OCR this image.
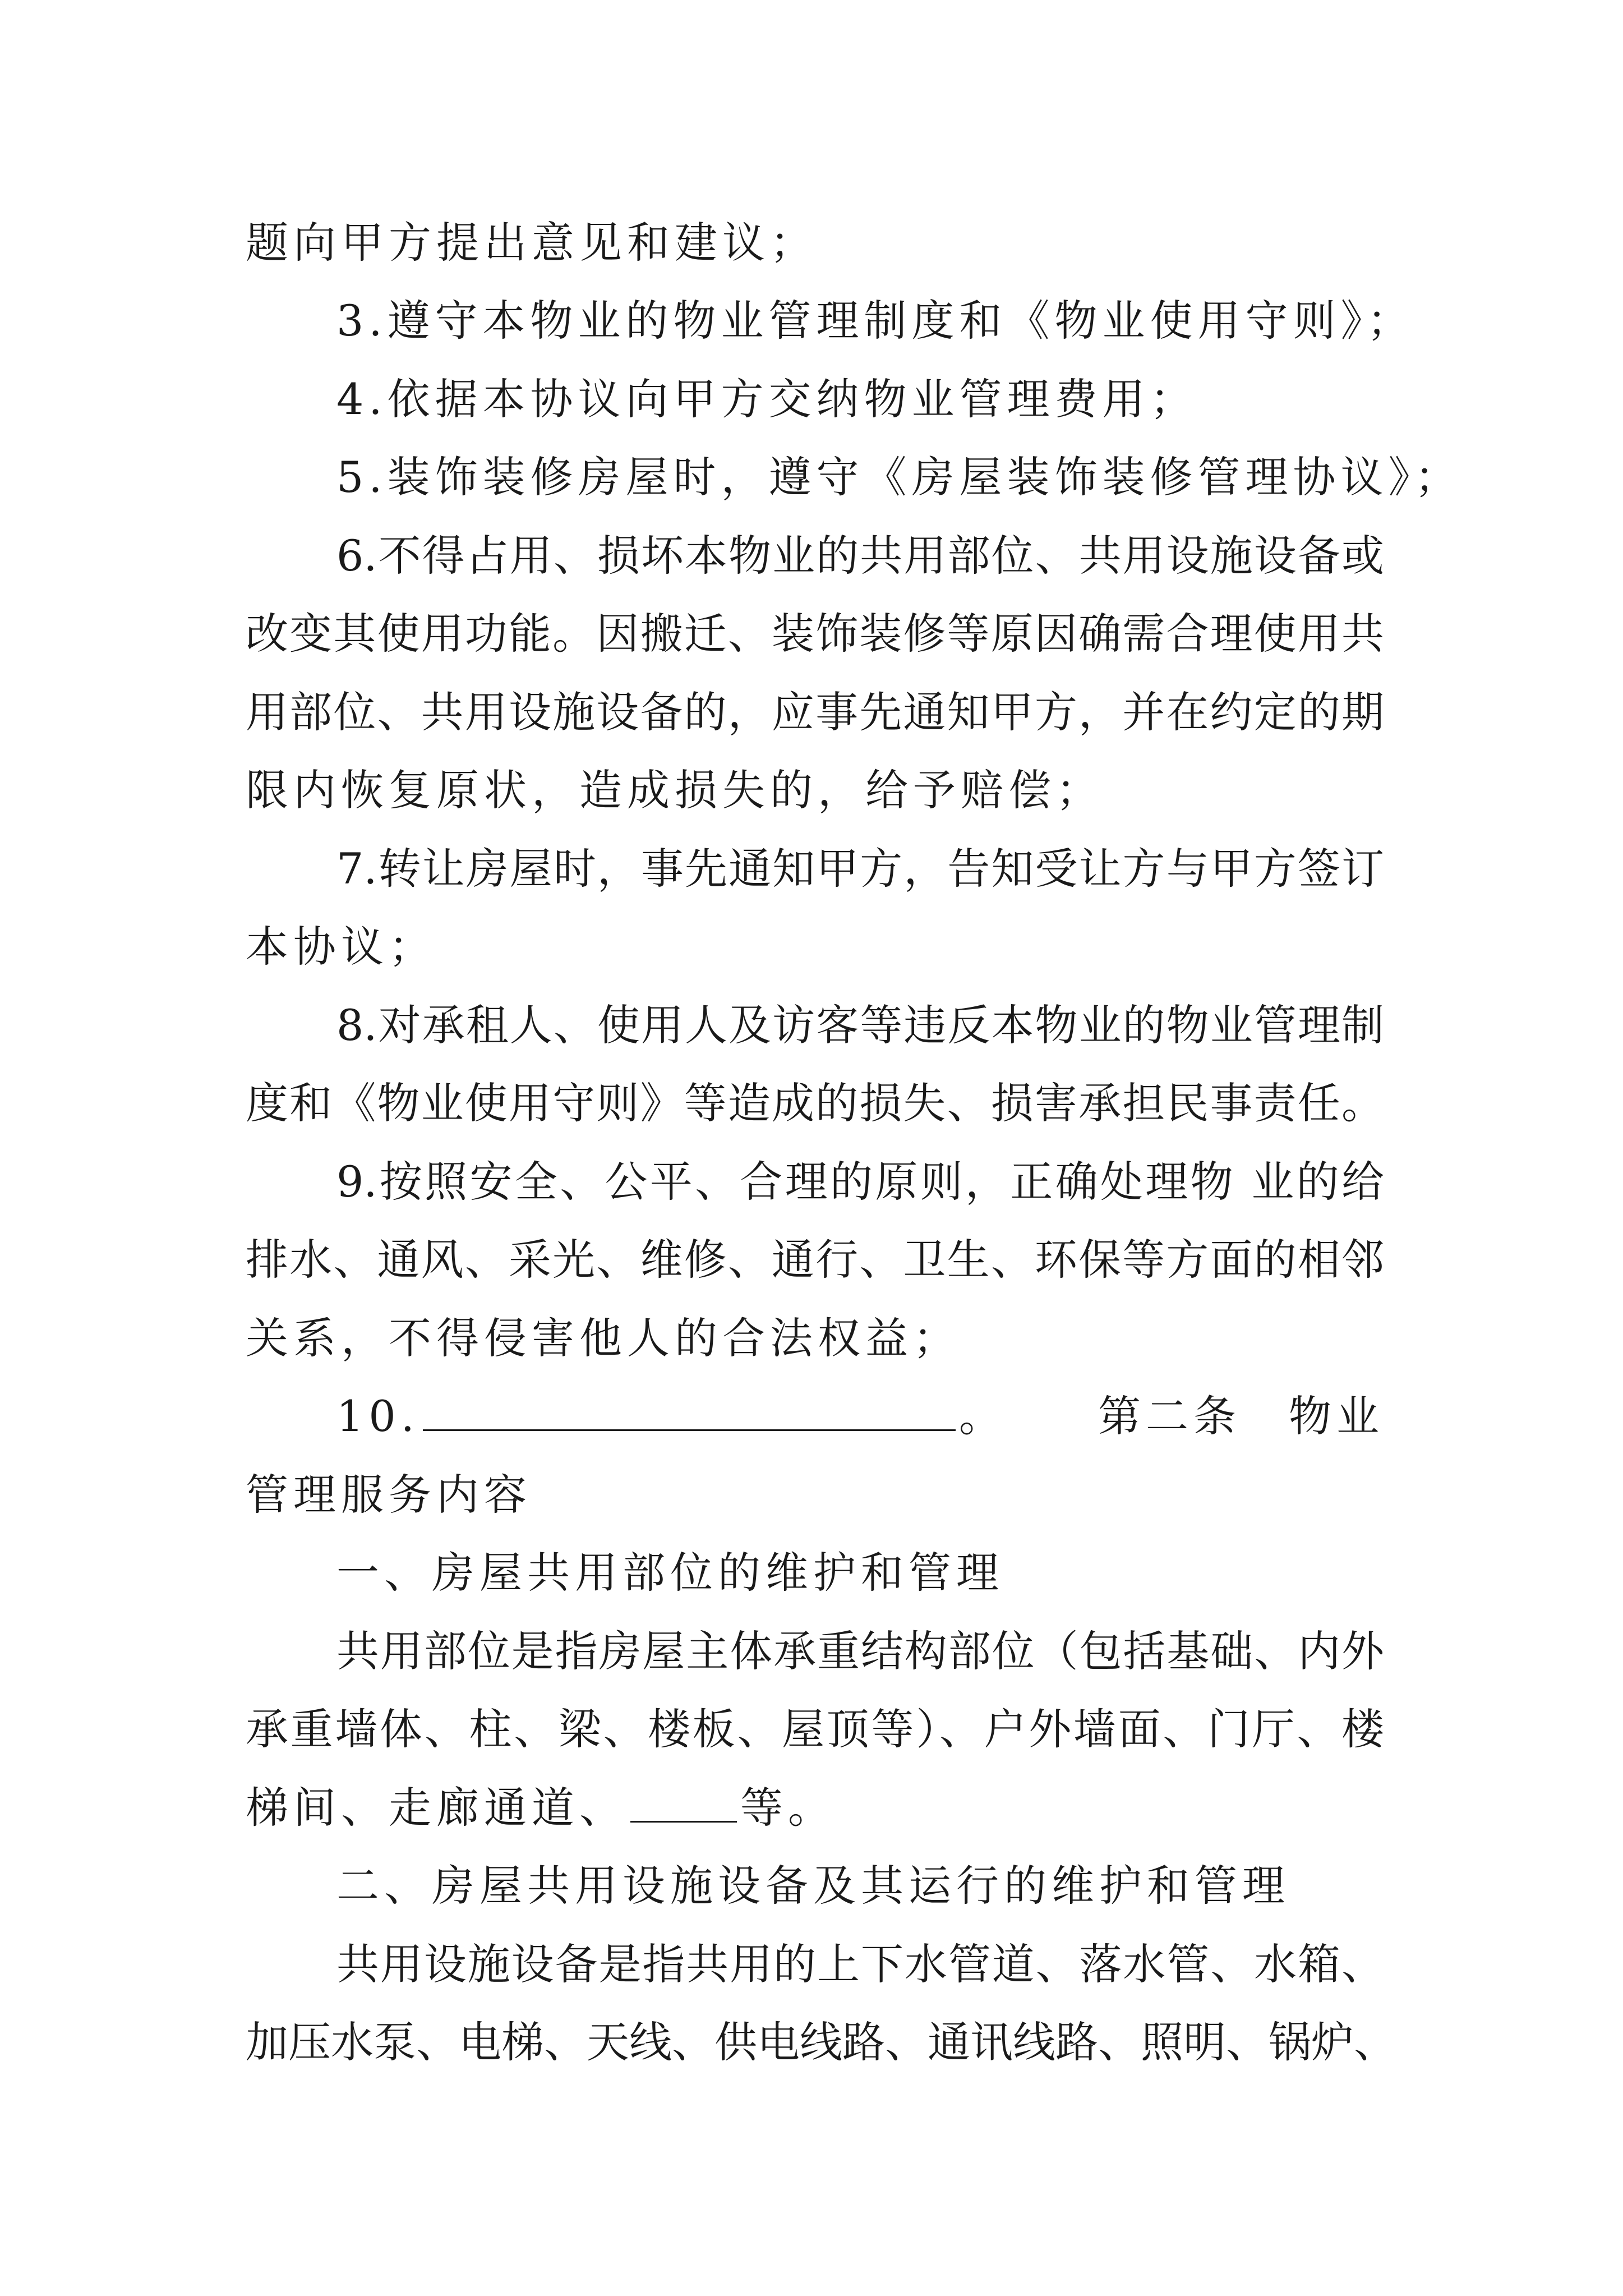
题向甲方提出意见和建议；
3.遵守本物业的物业管理制度和《物业使用守则》；
4.依据本协议向甲方交纳物业管理费用；
5.装饰装修房屋时，遵守《房屋装饰装修管理协议》；
6.不得占用、损坏本物业的共用部位、共用设施设备或
改变其使用功能。因搬迁、装饰装修等原因确需合理使用共
用部位、共用设施设备的，应事先通知甲方，并在约定的期
限内恢复原状，造成损失的，给予赔偿；
7.转让房屋时，事先通知甲方，告知受让方与甲方签订
本协议；
8.对承租人、使用人及访客等违反本物业的物业管理制
度和《物业使用守则》等造成的损失、损害承担民事责任。
9.按照安全、公平、合理的原则，正确处理物 业的给
排水、通风、采光、维修、通行、卫生、环保等方面的相邻
关系，不得侵害他人的合法权益；
10.	。 第二条　物业
管理服务内容
一、房屋共用部位的维护和管理
共用部位是指房屋主体承重结构部位（包括基础、内外
承重墙体、柱、梁、楼板、屋顶等）、户外墙面、门厅、楼
梯间、走廊通道、	等。
二、房屋共用设施设备及其运行的维护和管理
共用设施设备是指共用的上下水管道、落水管、水箱、
加压水泵、电梯、天线、供电线路、通讯线路、照明、锅炉、
